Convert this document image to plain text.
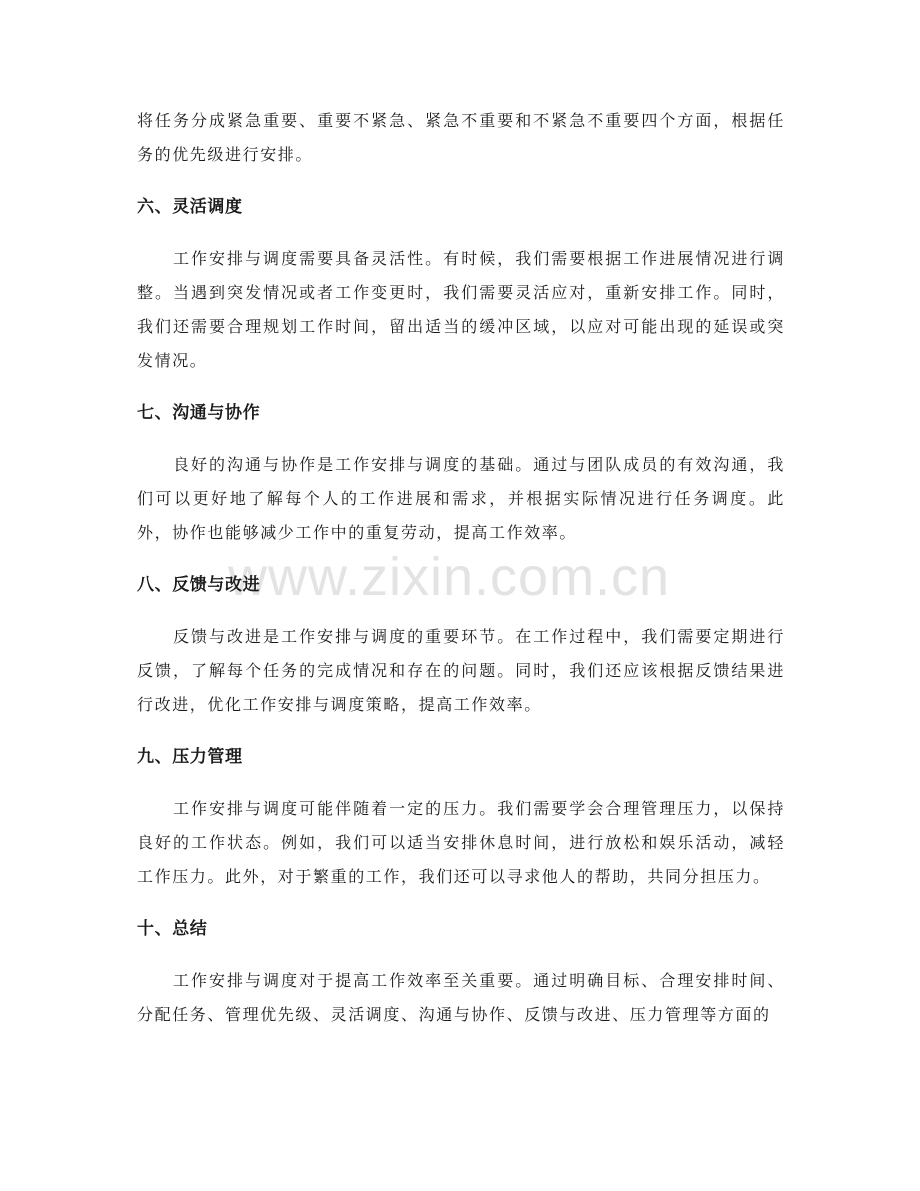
www.zixin.com.cn

将任务分成紧急重要、重要不紧急、紧急不重要和不紧急不重要四个方面，根据任务的优先级进行安排。

六、灵活调度

工作安排与调度需要具备灵活性。有时候，我们需要根据工作进展情况进行调整。当遇到突发情况或者工作变更时，我们需要灵活应对，重新安排工作。同时，我们还需要合理规划工作时间，留出适当的缓冲区域，以应对可能出现的延误或突发情况。

七、沟通与协作

良好的沟通与协作是工作安排与调度的基础。通过与团队成员的有效沟通，我们可以更好地了解每个人的工作进展和需求，并根据实际情况进行任务调度。此外，协作也能够减少工作中的重复劳动，提高工作效率。

八、反馈与改进

反馈与改进是工作安排与调度的重要环节。在工作过程中，我们需要定期进行反馈，了解每个任务的完成情况和存在的问题。同时，我们还应该根据反馈结果进行改进，优化工作安排与调度策略，提高工作效率。

九、压力管理

工作安排与调度可能伴随着一定的压力。我们需要学会合理管理压力，以保持良好的工作状态。例如，我们可以适当安排休息时间，进行放松和娱乐活动，减轻工作压力。此外，对于繁重的工作，我们还可以寻求他人的帮助，共同分担压力。

十、总结

工作安排与调度对于提高工作效率至关重要。通过明确目标、合理安排时间、分配任务、管理优先级、灵活调度、沟通与协作、反馈与改进、压力管理等方面的
